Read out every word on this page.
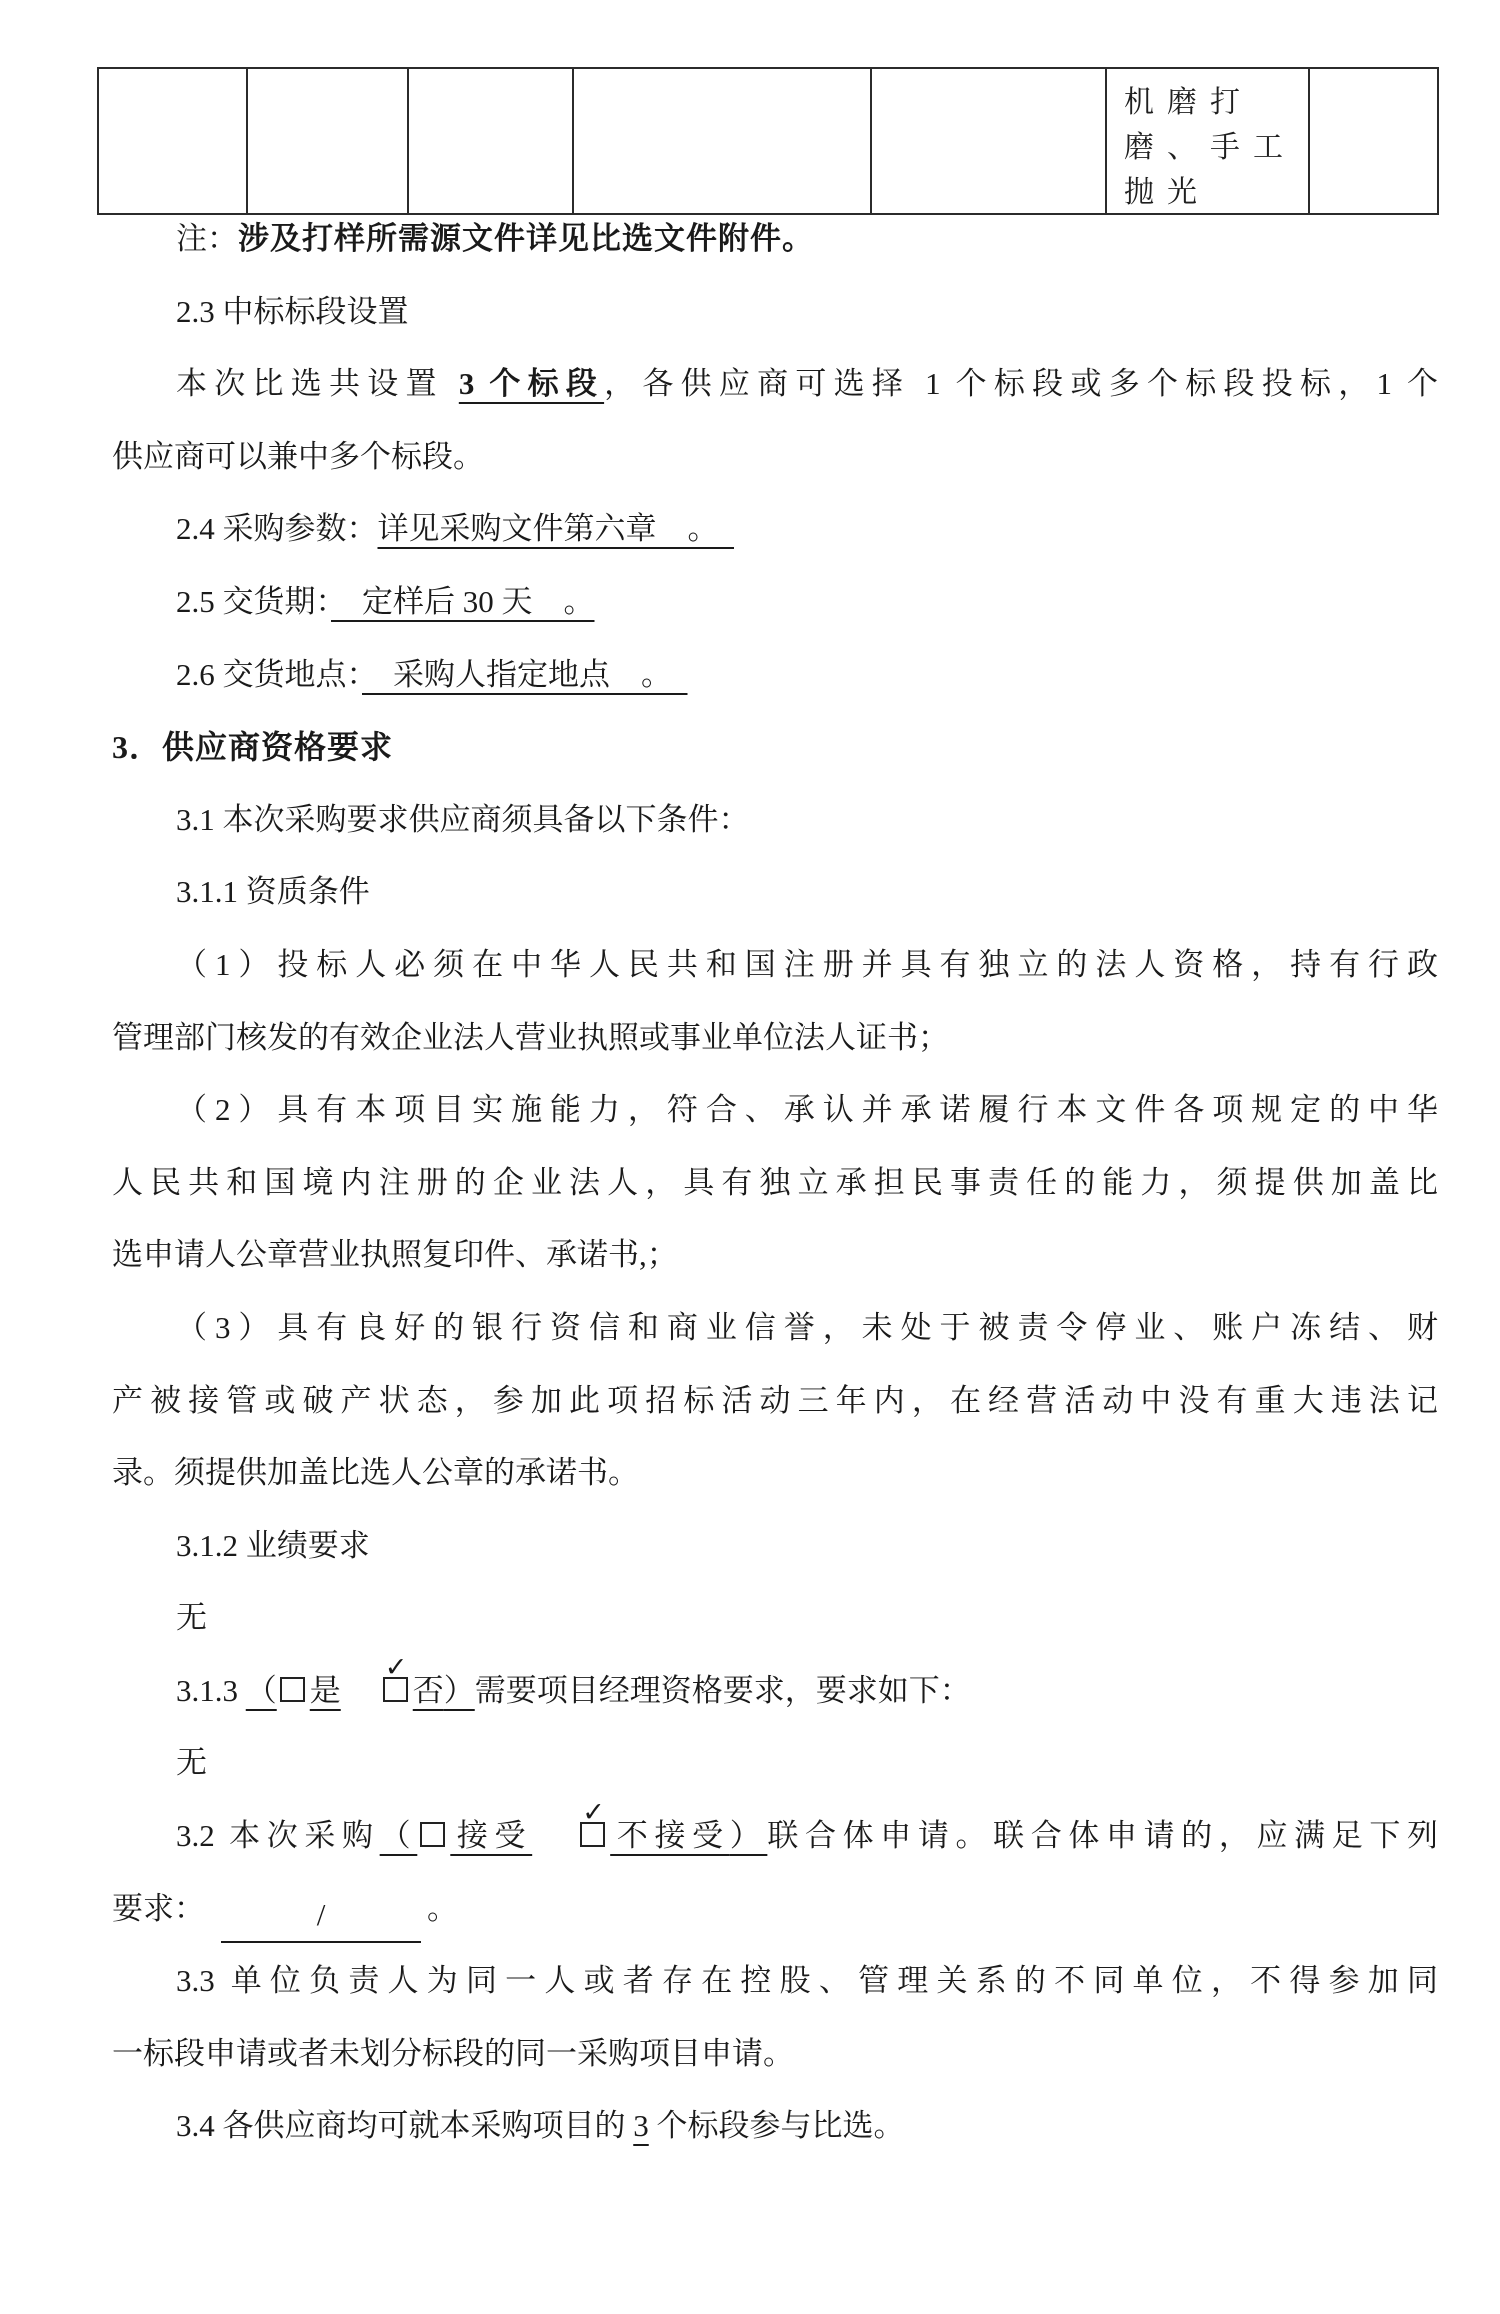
机磨打
磨、手工
抛光
注：涉及打样所需源文件详见比选文件附件。
2.3 中标标段设置
本次比选共设置 3 个标段，各供应商可选择 1 个标段或多个标段投标，1 个
供应商可以兼中多个标段。
2.4 采购参数：详见采购文件第六章　。　
2.5 交货期：　定样后 30 天　。
2.6 交货地点：　采购人指定地点　。　
3．供应商资格要求
3.1 本次采购要求供应商须具备以下条件：
3.1.1 资质条件
（1）投标人必须在中华人民共和国注册并具有独立的法人资格，持有行政
管理部门核发的有效企业法人营业执照或事业单位法人证书；
（2）具有本项目实施能力，符合、承认并承诺履行本文件各项规定的中华
人民共和国境内注册的企业法人，具有独立承担民事责任的能力，须提供加盖比
选申请人公章营业执照复印件、承诺书,；
（3）具有良好的银行资信和商业信誉，未处于被责令停业、账户冻结、财
产被接管或破产状态，参加此项招标活动三年内，在经营活动中没有重大违法记
录。须提供加盖比选人公章的承诺书。
3.1.2 业绩要求
无
3.1.3 （ 是
✓
否）需要项目经理资格要求，要求如下：
无
3.2 本次采购（ 接受
✓
不接受）联合体申请。联合体申请的，应满足下列
要求：	/	。
3.3 单位负责人为同一人或者存在控股、管理关系的不同单位，不得参加同
一标段申请或者未划分标段的同一采购项目申请。
3.4 各供应商均可就本采购项目的 3 个标段参与比选。
